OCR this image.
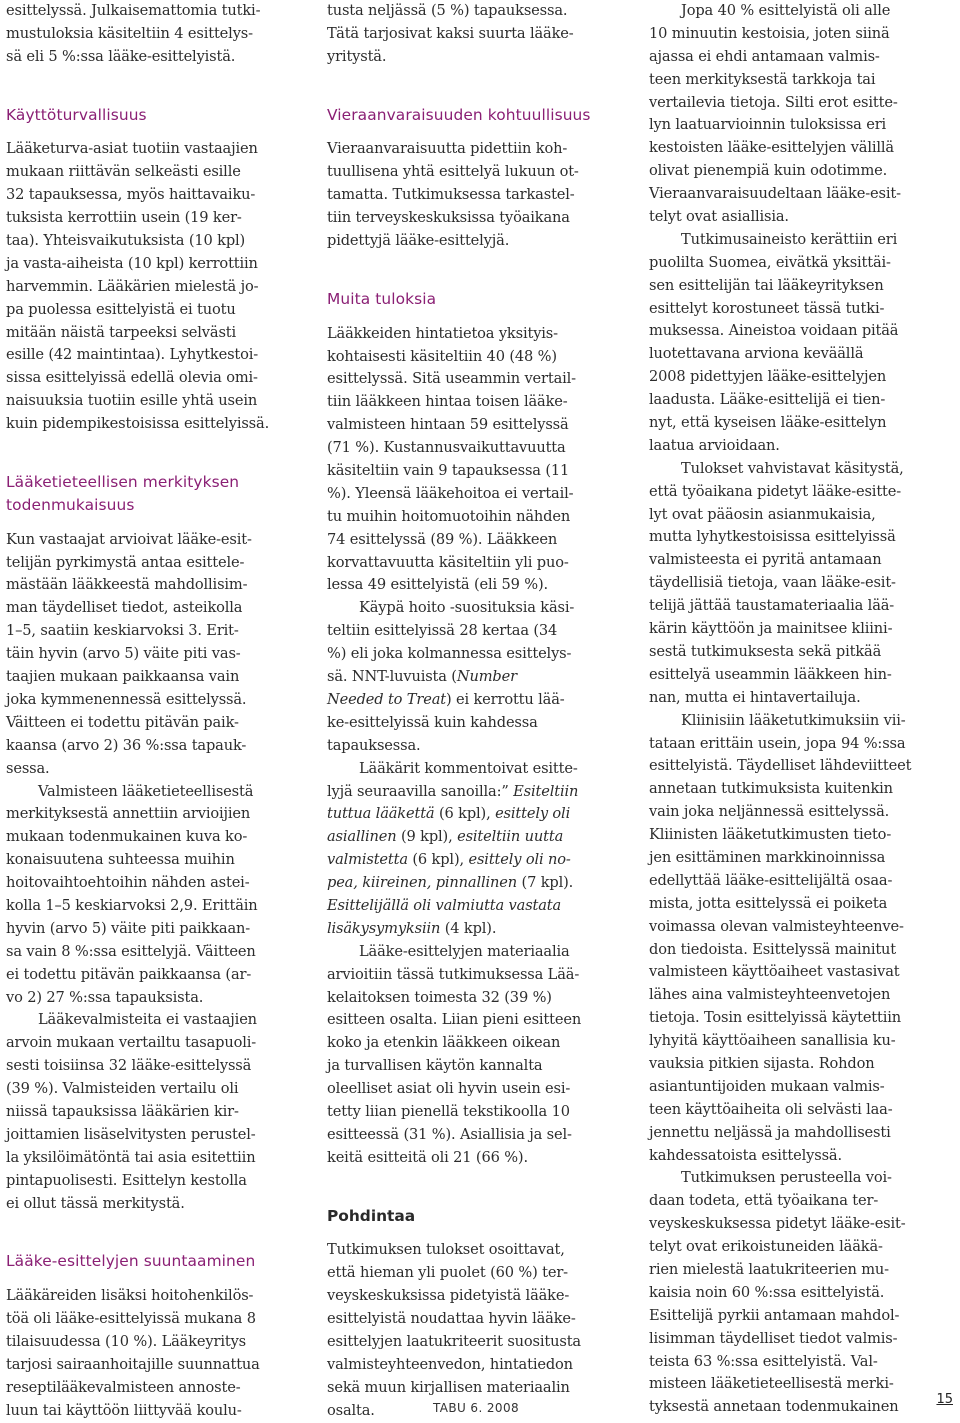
esittelyssä. Julkaisemattomia tutki-
mustuloksia käsiteltiin 4 esittelys-
sä eli 5 %:ssa lääke-esittelyistä.
Käyttöturvallisuus
Lääketurva-asiat tuotiin vastaajien
mukaan riittävän selkeästi esille
32 tapauksessa, myös haittavaiku-
tuksista kerrottiin usein (19 ker-
taa). Yhteisvaikutuksista (10 kpl)
ja vasta-aiheista (10 kpl) kerrottiin
harvemmin. Lääkärien mielestä jo-
pa puolessa esittelyistä ei tuotu
mitään näistä tarpeeksi selvästi
esille (42 maintintaa). Lyhytkestoi-
sissa esittelyissä edellä olevia omi-
naisuuksia tuotiin esille yhtä usein
kuin pidempikestoisissa esittelyissä.
Lääketieteellisen merkityksen
todenmukaisuus
Kun vastaajat arvioivat lääke-esit-
telijän pyrkimystä antaa esittele-
mästään lääkkeestä mahdollisim-
man täydelliset tiedot, asteikolla
1–5, saatiin keskiarvoksi 3. Erit-
täin hyvin (arvo 5) väite piti vas-
taajien mukaan paikkaansa vain
joka kymmenennessä esittelyssä.
Väitteen ei todettu pitävän paik-
kaansa (arvo 2) 36 %:ssa tapauk-
sessa.
Valmisteen lääketieteellisestä
merkityksestä annettiin arvioijien
mukaan todenmukainen kuva ko-
konaisuutena suhteessa muihin
hoitovaihtoehtoihin nähden astei-
kolla 1–5 keskiarvoksi 2,9. Erittäin
hyvin (arvo 5) väite piti paikkaan-
sa vain 8 %:ssa esittelyjä. Väitteen
ei todettu pitävän paikkaansa (ar-
vo 2) 27 %:ssa tapauksista.
Lääkevalmisteita ei vastaajien
arvoin mukaan vertailtu tasapuoli-
sesti toisiinsa 32 lääke-esittelyssä
(39 %). Valmisteiden vertailu oli
niissä tapauksissa lääkärien kir-
joittamien lisäselvitysten perustel-
la yksilöimätöntä tai asia esitettiin
pintapuolisesti. Esittelyn kestolla
ei ollut tässä merkitystä.
Lääke-esittelyjen suuntaaminen
Lääkäreiden lisäksi hoitohenkilös-
töä oli lääke-esittelyissä mukana 8
tilaisuudessa (10 %). Lääkeyritys
tarjosi sairaanhoitajille suunnattua
reseptilääkevalmisteen annoste-
luun tai käyttöön liittyvää koulu-
tusta neljässä (5 %) tapauksessa.
Tätä tarjosivat kaksi suurta lääke-
yritystä.
Vieraanvaraisuuden kohtuullisuus
Vieraanvaraisuutta pidettiin koh-
tuullisena yhtä esittelyä lukuun ot-
tamatta. Tutkimuksessa tarkastel-
tiin terveyskeskuksissa työaikana
pidettyjä lääke-esittelyjä.
Muita tuloksia
Lääkkeiden hintatietoa yksityis-
kohtaisesti käsiteltiin 40 (48 %)
esittelyssä. Sitä useammin vertail-
tiin lääkkeen hintaa toisen lääke-
valmisteen hintaan 59 esittelyssä
(71 %). Kustannusvaikuttavuutta
käsiteltiin vain 9 tapauksessa (11
%). Yleensä lääkehoitoa ei vertail-
tu muihin hoitomuotoihin nähden
74 esittelyssä (89 %). Lääkkeen
korvattavuutta käsiteltiin yli puo-
lessa 49 esittelyistä (eli 59 %).
Käypä hoito -suosituksia käsi-
teltiin esittelyissä 28 kertaa (34
%) eli joka kolmannessa esittelys-
sä. NNT-luvuista (Number
Needed to Treat) ei kerrottu lää-
ke-esittelyissä kuin kahdessa
tapauksessa.
Lääkärit kommentoivat esitte-
lyjä seuraavilla sanoilla:” Esiteltiin
tuttua lääkettä (6 kpl), esittely oli
asiallinen (9 kpl), esiteltiin uutta
valmistetta (6 kpl), esittely oli no-
pea, kiireinen, pinnallinen (7 kpl).
Esittelijällä oli valmiutta vastata
lisäkysymyksiin (4 kpl).
Lääke-esittelyjen materiaalia
arvioitiin tässä tutkimuksessa Lää-
kelaitoksen toimesta 32 (39 %)
esitteen osalta. Liian pieni esitteen
koko ja etenkin lääkkeen oikean
ja turvallisen käytön kannalta
oleelliset asiat oli hyvin usein esi-
tetty liian pienellä tekstikoolla 10
esitteessä (31 %). Asiallisia ja sel-
keitä esitteitä oli 21 (66 %).
Pohdintaa
Tutkimuksen tulokset osoittavat,
että hieman yli puolet (60 %) ter-
veyskeskuksissa pidetyistä lääke-
esittelyistä noudattaa hyvin lääke-
esittelyjen laatukriteerit suositusta
valmisteyhteenvedon, hintatiedon
sekä muun kirjallisen materiaalin
osalta.
Jopa 40 % esittelyistä oli alle
10 minuutin kestoisia, joten siinä
ajassa ei ehdi antamaan valmis-
teen merkityksestä tarkkoja tai
vertailevia tietoja. Silti erot esitte-
lyn laatuarvioinnin tuloksissa eri
kestoisten lääke-esittelyjen välillä
olivat pienempiä kuin odotimme.
Vieraanvaraisuudeltaan lääke-esit-
telyt ovat asiallisia.
Tutkimusaineisto kerättiin eri
puolilta Suomea, eivätkä yksittäi-
sen esittelijän tai lääkeyrityksen
esittelyt korostuneet tässä tutki-
muksessa. Aineistoa voidaan pitää
luotettavana arviona keväällä
2008 pidettyjen lääke-esittelyjen
laadusta. Lääke-esittelijä ei tien-
nyt, että kyseisen lääke-esittelyn
laatua arvioidaan.
Tulokset vahvistavat käsitystä,
että työaikana pidetyt lääke-esitte-
lyt ovat pääosin asianmukaisia,
mutta lyhytkestoisissa esittelyissä
valmisteesta ei pyritä antamaan
täydellisiä tietoja, vaan lääke-esit-
telijä jättää taustamateriaalia lää-
kärin käyttöön ja mainitsee kliini-
sestä tutkimuksesta sekä pitkää
esittelyä useammin lääkkeen hin-
nan, mutta ei hintavertailuja.
Kliinisiin lääketutkimuksiin vii-
tataan erittäin usein, jopa 94 %:ssa
esittelyistä. Täydelliset lähdeviitteet
annetaan tutkimuksista kuitenkin
vain joka neljännessä esittelyssä.
Kliinisten lääketutkimusten tieto-
jen esittäminen markkinoinnissa
edellyttää lääke-esittelijältä osaa-
mista, jotta esittelyssä ei poiketa
voimassa olevan valmisteyhteenve-
don tiedoista. Esittelyssä mainitut
valmisteen käyttöaiheet vastasivat
lähes aina valmisteyhteenvetojen
tietoja. Tosin esittelyissä käytettiin
lyhyitä käyttöaiheen sanallisia ku-
vauksia pitkien sijasta. Rohdon
asiantuntijoiden mukaan valmis-
teen käyttöaiheita oli selvästi laa-
jennettu neljässä ja mahdollisesti
kahdessatoista esittelyssä.
Tutkimuksen perusteella voi-
daan todeta, että työaikana ter-
veyskeskuksessa pidetyt lääke-esit-
telyt ovat erikoistuneiden lääkä-
rien mielestä laatukriteerien mu-
kaisia noin 60 %:ssa esittelyistä.
Esittelijä pyrkii antamaan mahdol-
lisimman täydelliset tiedot valmis-
teista 63 %:ssa esittelyistä. Val-
misteen lääketieteellisestä merki-
tyksestä annetaan todenmukainen
TABU 6. 2008
15
